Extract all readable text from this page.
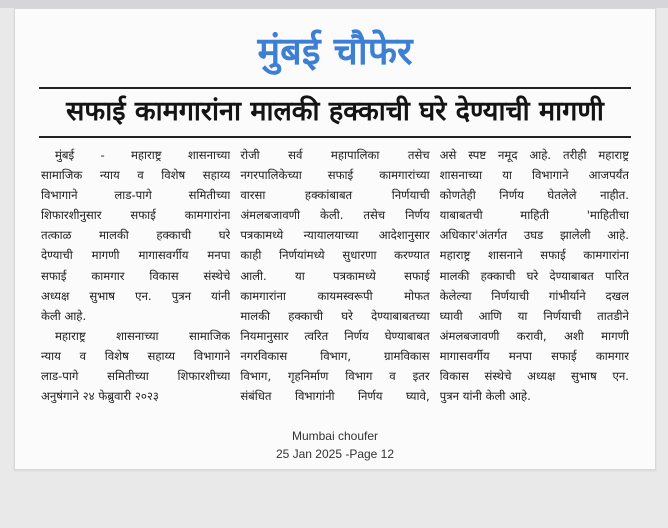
मुंबई चौफेर
सफाई कामगारांना मालकी हक्काची घरे देण्याची मागणी
मुंबई - महाराष्ट्र शासनाच्या
सामाजिक न्याय व विशेष सहाय्य
विभागाने लाड-पागे समितीच्या
शिफारशीनुसार सफाई कामगारांना
तत्काळ मालकी हक्काची घरे
देण्याची मागणी मागासवर्गीय मनपा
सफाई कामगार विकास संस्थेचे
अध्यक्ष सुभाष एन. पुत्रन यांनी
केली आहे.
महाराष्ट्र शासनाच्या सामाजिक
न्याय व विशेष सहाय्य विभागाने
लाड-पागे समितीच्या शिफारशीच्या
अनुषंगाने २४ फेब्रुवारी २०२३
रोजी सर्व महापालिका तसेच
नगरपालिकेच्या सफाई कामगारांच्या
वारसा हक्कांबाबत निर्णयाची
अंमलबजावणी केली. तसेच निर्णय
पत्रकामध्ये न्यायालयाच्या आदेशानुसार
काही निर्णयांमध्ये सुधारणा करण्यात
आली. या पत्रकामध्ये सफाई
कामगारांना कायमस्वरूपी मोफत
मालकी हक्काची घरे देण्याबाबतच्या
नियमानुसार त्वरित निर्णय घेण्याबाबत
नगरविकास विभाग, ग्रामविकास
विभाग, गृहनिर्माण विभाग व इतर
संबंधित विभागांनी निर्णय घ्यावे,
असे स्पष्ट नमूद आहे. तरीही महाराष्ट्र
शासनाच्या या विभागाने आजपर्यंत
कोणतेही निर्णय घेतलेले नाहीत.
याबाबतची माहिती 'माहितीचा
अधिकार'अंतर्गत उघड झालेली आहे.
महाराष्ट्र शासनाने सफाई कामगारांना
मालकी हक्काची घरे देण्याबाबत पारित
केलेल्या निर्णयाची गांभीर्याने दखल
घ्यावी आणि या निर्णयाची तातडीने
अंमलबजावणी करावी, अशी मागणी
मागासवर्गीय मनपा सफाई कामगार
विकास संस्थेचे अध्यक्ष सुभाष एन.
पुत्रन यांनी केली आहे.
Mumbai choufer
25 Jan 2025 -Page 12
